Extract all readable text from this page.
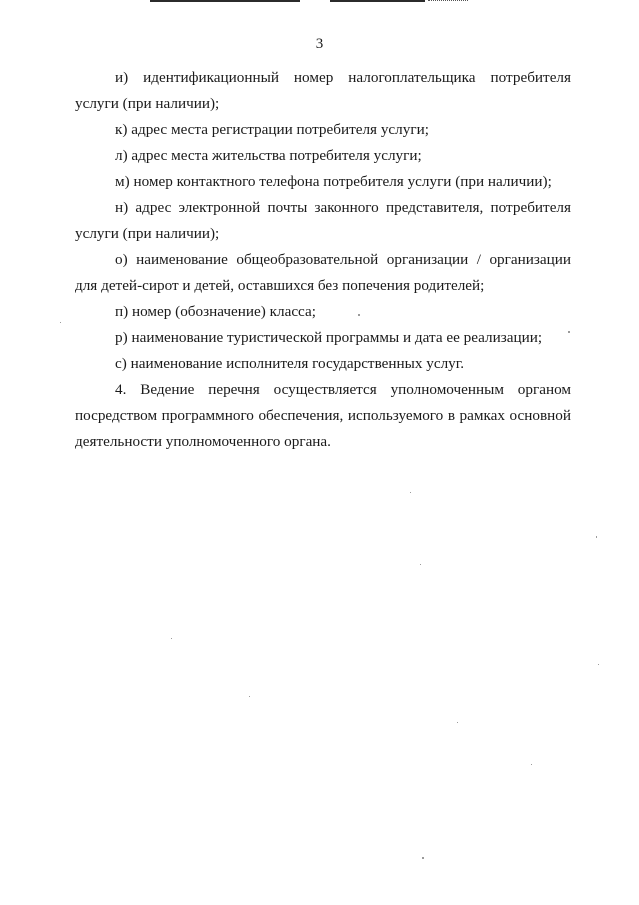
3

и) идентификационный номер налогоплательщика потребителя услуги (при наличии);

к) адрес места регистрации потребителя услуги;

л) адрес места жительства потребителя услуги;

м) номер контактного телефона потребителя услуги (при наличии);

н) адрес электронной почты законного представителя, потребителя услуги (при наличии);

о) наименование общеобразовательной организации / организации для детей-сирот и детей, оставшихся без попечения родителей;

п) номер (обозначение) класса;

р) наименование туристической программы и дата ее реализации;

с) наименование исполнителя государственных услуг.

4. Ведение перечня осуществляется уполномоченным органом посредством программного обеспечения, используемого в рамках основной деятельности уполномоченного органа.
